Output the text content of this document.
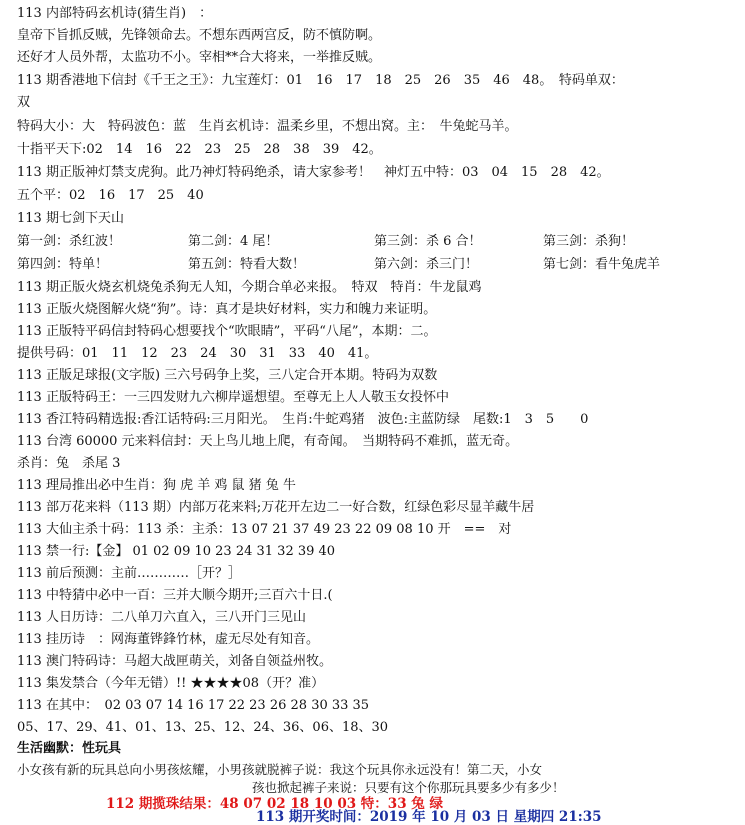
113 内部特码玄机诗(猜生肖)　：
皇帝下旨抓反贼，先锋领命去。不想东西两宫反，防不慎防啊。
还好才人员外帮，太监功不小。宰相**合大将来，一举推反贼。
113 期香港地下信封《千王之王》：九宝莲灯：01　16　17　18　25　26　35　46　48。　特码单双：
双
特码大小：大　特码波色：蓝　生肖玄机诗：温柔乡里，不想出窝。主：　牛兔蛇马羊。
十指平天下:02　14　16　22　23　25　28　38　39　42。
113 期正版神灯禁支虎狗。此乃神灯特码绝杀，请大家参考！　神灯五中特：03　04　15　28　42。
五个平：02　16　17　25　40
113 期七剑下天山
第一剑：杀红波！	第二剑：4 尾！	第三剑：杀 6 合！	第三剑：杀狗！
第四剑：特单！	第五剑：特看大数！	第六剑：杀三门！	第七剑：看牛兔虎羊
113 期正版火烧玄机烧兔杀狗无人知，今期合单必来报。　特双　特肖：牛龙鼠鸡
113 正版火烧图解火烧“狗”。诗：真才是块好材料，实力和魄力来证明。
113 正版特平码信封特码心想要找个“吹眼睛”，平码“八尾”，本期：二。
提供号码：01　11　12　23　24　30　31　33　40　41。
113 正版足球报(文字版) 三六号码争上奖，三八定合开本期。特码为双数
113 正版特码王：一三四发财九六柳岸遥想望。至尊无上人人敬玉女投怀中
113 香江特码精选报:香江话特码:三月阳光。　生肖:牛蛇鸡猪　波色:主蓝防绿　尾数:1　3　5　　0
113 台湾 60000 元来料信封：天上鸟儿地上爬，有奇闻。　当期特码不难抓，蓝无奇。
杀肖：兔　杀尾 3
113 理局推出必中生肖：狗 虎 羊 鸡 鼠 猪 兔 牛
113 部万花来料（113 期）内部万花来料;万花开左边二一好合数，红绿色彩尽显羊藏牛居
113 大仙主杀十码：113 杀：主杀：13 07 21 37 49 23 22 09 08 10 开　==　对
113 禁一行:【金】 01 02 09 10 23 24 31 32 39 40
113 前后预测：主前…………［开？］
113 中特猜中必中一百：三并大顺今期开;三百六十日.(
113 人日历诗：二八单刀六直入，三八开门三见山
113 挂历诗　：网海董铧鋒竹林，虚无尽处有知音。
113 澳门特码诗：马超大战匣萌关，刘备自领益州牧。
113 集发禁合（今年无错）!! ★★★★08（开？准）
113 在其中：　02 03 07 14 16 17 22 23 26 28 30 33 35
05、17、29、41、01、13、25、12、24、36、06、18、30
生活幽默：性玩具
小女孩有新的玩具总向小男孩炫耀，小男孩就脱裤子说：我这个玩具你永远没有！第二天，小女
孩也掀起裤子来说：只要有这个你那玩具要多少有多少！
112 期揽珠结果：48 07 02 18 10 03 特：33 兔 绿
113 期开奖时间：2019 年 10 月 03 日 星期四 21:35
